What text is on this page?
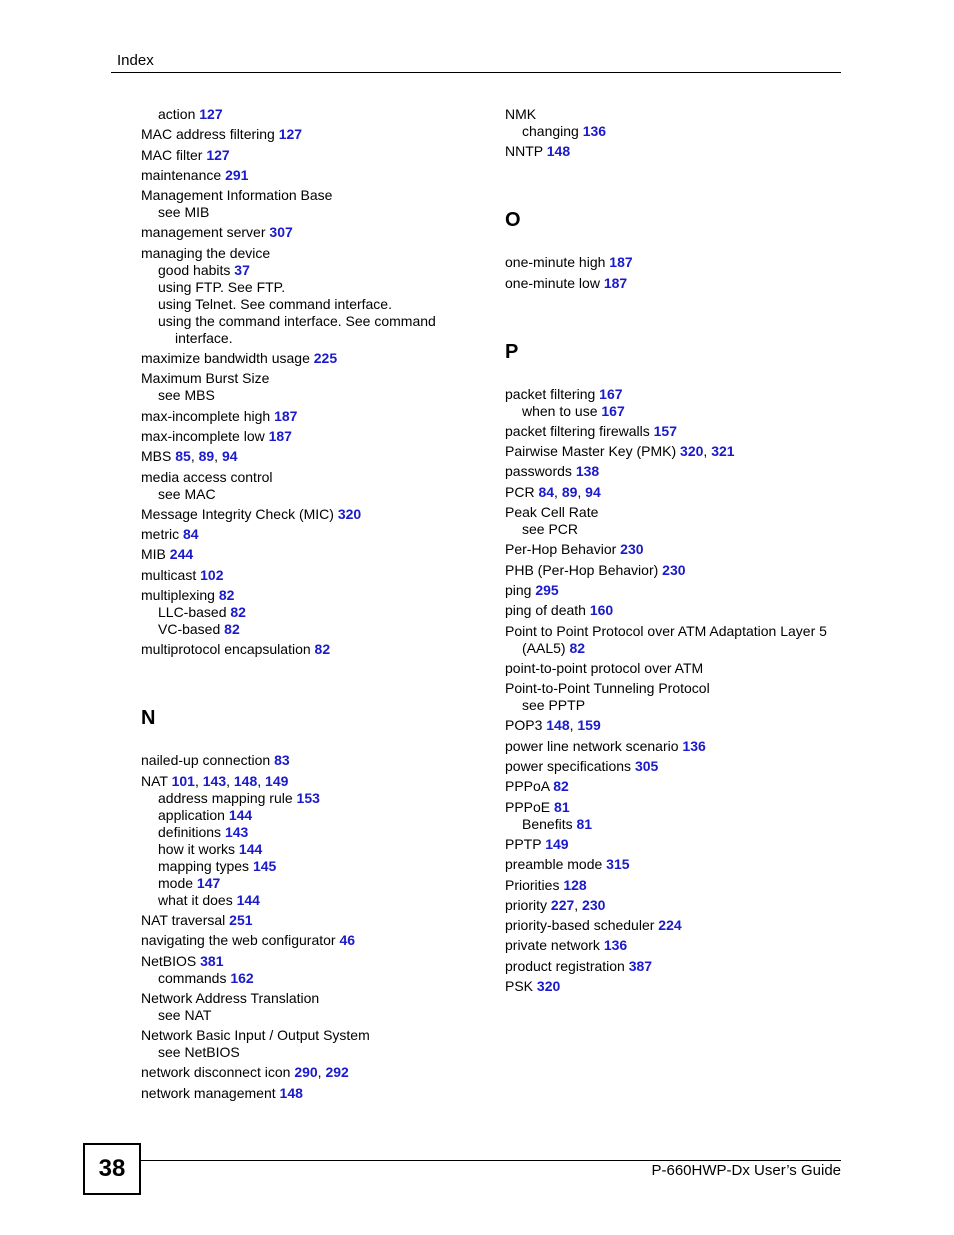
Index
action 127
MAC address filtering 127
MAC filter 127
maintenance 291
Management Information Base
see MIB
management server 307
managing the device
good habits 37
using FTP. See FTP.
using Telnet. See command interface.
using the command interface. See command
interface.
maximize bandwidth usage 225
Maximum Burst Size
see MBS
max-incomplete high 187
max-incomplete low 187
MBS 85, 89, 94
media access control
see MAC
Message Integrity Check (MIC) 320
metric 84
MIB 244
multicast 102
multiplexing 82
LLC-based 82
VC-based 82
multiprotocol encapsulation 82
N
nailed-up connection 83
NAT 101, 143, 148, 149
address mapping rule 153
application 144
definitions 143
how it works 144
mapping types 145
mode 147
what it does 144
NAT traversal 251
navigating the web configurator 46
NetBIOS 381
commands 162
Network Address Translation
see NAT
Network Basic Input / Output System
see NetBIOS
network disconnect icon 290, 292
network management 148
NMK
changing 136
NNTP 148
O
one-minute high 187
one-minute low 187
P
packet filtering 167
when to use 167
packet filtering firewalls 157
Pairwise Master Key (PMK) 320, 321
passwords 138
PCR 84, 89, 94
Peak Cell Rate
see PCR
Per-Hop Behavior 230
PHB (Per-Hop Behavior) 230
ping 295
ping of death 160
Point to Point Protocol over ATM Adaptation Layer 5
(AAL5) 82
point-to-point protocol over ATM
Point-to-Point Tunneling Protocol
see PPTP
POP3 148, 159
power line network scenario 136
power specifications 305
PPPoA 82
PPPoE 81
Benefits 81
PPTP 149
preamble mode 315
Priorities 128
priority 227, 230
priority-based scheduler 224
private network 136
product registration 387
PSK 320
38	P-660HWP-Dx User’s Guide
